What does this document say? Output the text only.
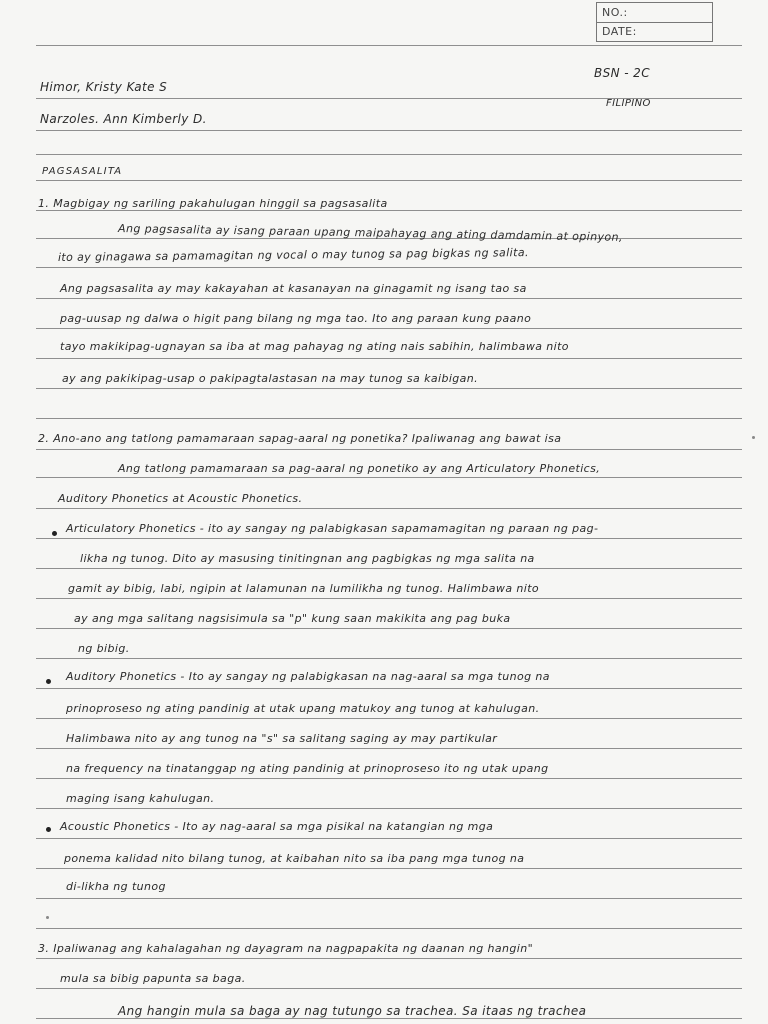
NO.:
DATE:
Himor, Kristy Kate S
Narzoles. Ann Kimberly D.
BSN - 2C
FILIPINO
PAGSASALITA
1. Magbigay ng sariling pakahulugan hinggil sa pagsasalita
Ang pagsasalita ay isang paraan upang maipahayag ang ating damdamin at opinyon,
ito ay ginagawa sa pamamagitan ng vocal o may tunog sa pag bigkas ng salita.
Ang pagsasalita ay may kakayahan at kasanayan na ginagamit ng isang tao sa
pag-uusap ng dalwa o higit pang bilang ng mga tao. Ito ang paraan kung paano
tayo makikipag-ugnayan sa iba at mag pahayag ng ating nais sabihin, halimbawa nito
ay ang pakikipag-usap o pakipagtalastasan na may tunog sa kaibigan.
2. Ano-ano ang tatlong pamamaraan sapag-aaral ng ponetika? Ipaliwanag ang bawat isa
Ang tatlong pamamaraan sa pag-aaral ng ponetiko ay ang Articulatory Phonetics,
Auditory Phonetics at Acoustic Phonetics.
Articulatory Phonetics - ito ay sangay ng palabigkasan sapamamagitan ng paraan ng pag-
likha ng tunog. Dito ay masusing tinitingnan ang pagbigkas ng mga salita na
gamit ay bibig, labi, ngipin at lalamunan na lumilikha ng tunog. Halimbawa nito
ay ang mga salitang nagsisimula sa "p" kung saan makikita ang pag buka
ng bibig.
Auditory Phonetics - Ito ay sangay ng palabigkasan na nag-aaral sa mga tunog na
prinoproseso ng ating pandinig at utak upang matukoy ang tunog at kahulugan.
Halimbawa nito ay ang tunog na "s" sa salitang saging ay may partikular
na frequency na tinatanggap ng ating pandinig at prinoproseso ito ng utak upang
maging isang kahulugan.
Acoustic Phonetics - Ito ay nag-aaral sa mga pisikal na katangian ng mga
ponema kalidad nito bilang tunog, at kaibahan nito sa iba pang mga tunog na
di-likha ng tunog
3. Ipaliwanag ang kahalagahan ng dayagram na nagpapakita ng daanan ng hangin"
mula sa bibig papunta sa baga.
Ang hangin mula sa baga ay nag tutungo sa trachea. Sa itaas ng trachea
